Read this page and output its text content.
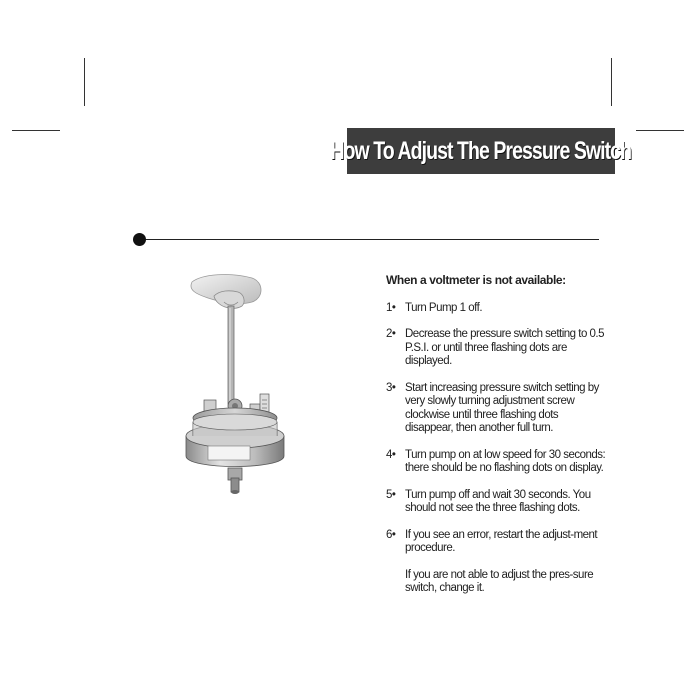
How To Adjust The Pressure Switch
When a voltmeter is not available:
1• Turn Pump 1 off.

2• Decrease the pressure switch setting to 0.5 P.S.I. or until three flashing dots are displayed.

3• Start increasing pressure switch setting by very slowly turning adjustment screw clockwise until three flashing dots disappear, then another full turn.

4• Turn pump on at low speed for 30 seconds: there should be no flashing dots on display.

5• Turn pump off and wait 30 seconds. You should not see the three flashing dots.

6• If you see an error, restart the adjust-ment procedure.

If you are not able to adjust the pres-sure switch, change it.
